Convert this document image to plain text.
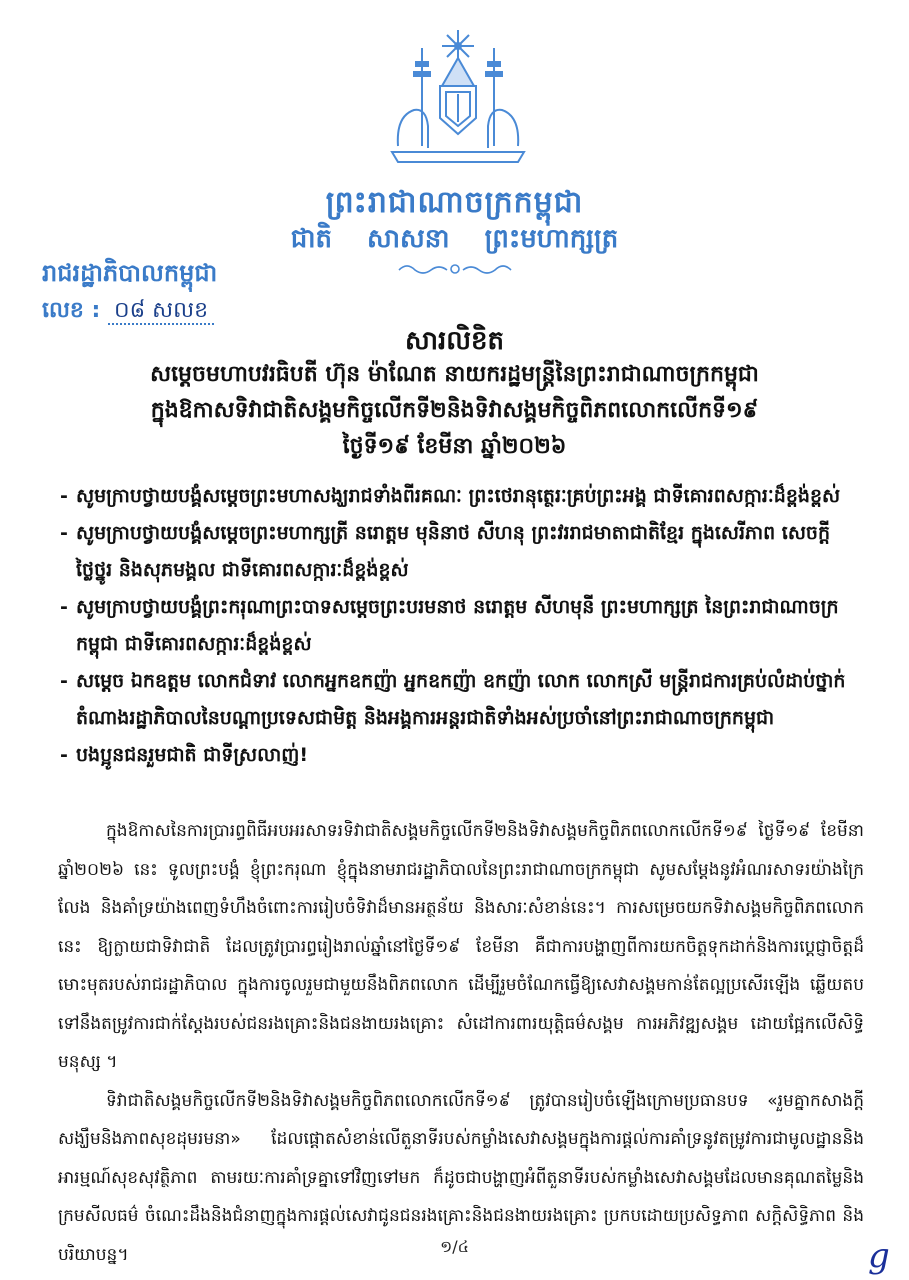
ព្រះរាជាណាចក្រកម្ពុជា
ជាតិ សាសនា ព្រះមហាក្សត្រ
រាជរដ្ឋាភិបាលកម្ពុជា
លេខ : ០៨ សលខ
សារលិខិត
សម្ដេចមហាបវរធិបតី ហ៊ុន ម៉ាណែត នាយករដ្ឋមន្ត្រីនៃព្រះរាជាណាចក្រកម្ពុជា
ក្នុងឱកាសទិវាជាតិសង្គមកិច្ចលើកទី២និងទិវាសង្គមកិច្ចពិភពលោកលើកទី១៩
ថ្ងៃទី១៩ ខែមីនា ឆ្នាំ២០២៦
- សូមក្រាបថ្វាយបង្គំសម្ដេចព្រះមហាសង្ឃរាជទាំងពីរគណៈ ព្រះថេរានុត្ថេរៈគ្រប់ព្រះអង្គ ជាទីគោរពសក្ការៈដ៏ខ្ពង់ខ្ពស់
- សូមក្រាបថ្វាយបង្គំសម្ដេចព្រះមហាក្សត្រី នរោត្តម មុនិនាថ សីហនុ ព្រះវររាជមាតាជាតិខ្មែរ ក្នុងសេរីភាព សេចក្ដីថ្លៃថ្នូរ និងសុភមង្គល ជាទីគោរពសក្ការៈដ៏ខ្ពង់ខ្ពស់
- សូមក្រាបថ្វាយបង្គំព្រះករុណាព្រះបាទសម្ដេចព្រះបរមនាថ នរោត្តម សីហមុនី ព្រះមហាក្សត្រ នៃព្រះរាជាណាចក្រកម្ពុជា ជាទីគោរពសក្ការៈដ៏ខ្ពង់ខ្ពស់
- សម្ដេច ឯកឧត្ដម លោកជំទាវ លោកអ្នកឧកញ៉ា អ្នកឧកញ៉ា ឧកញ៉ា លោក លោកស្រី មន្ត្រីរាជការគ្រប់លំដាប់ថ្នាក់ តំណាងរដ្ឋាភិបាលនៃបណ្ដាប្រទេសជាមិត្ត និងអង្គការអន្តរជាតិទាំងអស់ប្រចាំនៅព្រះរាជាណាចក្រកម្ពុជា
- បងប្អូនជនរួមជាតិ ជាទីស្រលាញ់!

ក្នុងឱកាសនៃការប្រារព្ធពិធីអបអរសាទរទិវាជាតិសង្គមកិច្ចលើកទី២និងទិវាសង្គមកិច្ចពិភពលោកលើកទី១៩ ថ្ងៃទី១៩ ខែមីនា ឆ្នាំ២០២៦ នេះ ទូលព្រះបង្គំ ខ្ញុំព្រះករុណា ខ្ញុំក្នុងនាមរាជរដ្ឋាភិបាលនៃព្រះរាជាណាចក្រកម្ពុជា សូមសម្ដែងនូវអំណរសាទរយ៉ាងក្រៃលែង និងគាំទ្រយ៉ាងពេញទំហឹងចំពោះការរៀបចំទិវាដ៏មានអត្ថន័យ និងសារៈសំខាន់នេះ។ ការសម្រេចយកទិវាសង្គមកិច្ចពិភពលោកនេះ ឱ្យក្លាយជាទិវាជាតិ ដែលត្រូវប្រារព្ធរៀងរាល់ឆ្នាំនៅថ្ងៃទី១៩ ខែមីនា គឺជាការបង្ហាញពីការយកចិត្តទុកដាក់និងការប្ដេជ្ញាចិត្តដ៏មោះមុតរបស់រាជរដ្ឋាភិបាល ក្នុងការចូលរួមជាមួយនឹងពិភពលោក ដើម្បីរួមចំណែកធ្វើឱ្យសេវាសង្គមកាន់តែល្អប្រសើរឡើង ឆ្លើយតបទៅនឹងតម្រូវការជាក់ស្ដែងរបស់ជនរងគ្រោះនិងជនងាយរងគ្រោះ សំដៅការពារយុត្តិធម៌សង្គម ការអភិវឌ្ឍសង្គម ដោយផ្អែកលើសិទ្ធិមនុស្ស ។

ទិវាជាតិសង្គមកិច្ចលើកទី២និងទិវាសង្គមកិច្ចពិភពលោកលើកទី១៩ ត្រូវបានរៀបចំឡើងក្រោមប្រធានបទ «រួមគ្នាកសាងក្ដីសង្ឃឹមនិងភាពសុខដុមរមនា» ដែលផ្ដោតសំខាន់លើតួនាទីរបស់កម្លាំងសេវាសង្គមក្នុងការផ្ដល់ការគាំទ្រនូវតម្រូវការជាមូលដ្ឋាននិងអារម្មណ៍សុខសុវត្ថិភាព តាមរយៈការគាំទ្រគ្នាទៅវិញទៅមក ក៏ដូចជាបង្ហាញអំពីតួនាទីរបស់កម្លាំងសេវាសង្គមដែលមានគុណតម្លៃនិងក្រមសីលធម៌ ចំណេះដឹងនិងជំនាញក្នុងការផ្ដល់សេវាជូនជនរងគ្រោះនិងជនងាយរងគ្រោះ ប្រកបដោយប្រសិទ្ធភាព សក្តិសិទ្ធិភាព និងបរិយាបន្ន។	១/៤	g
